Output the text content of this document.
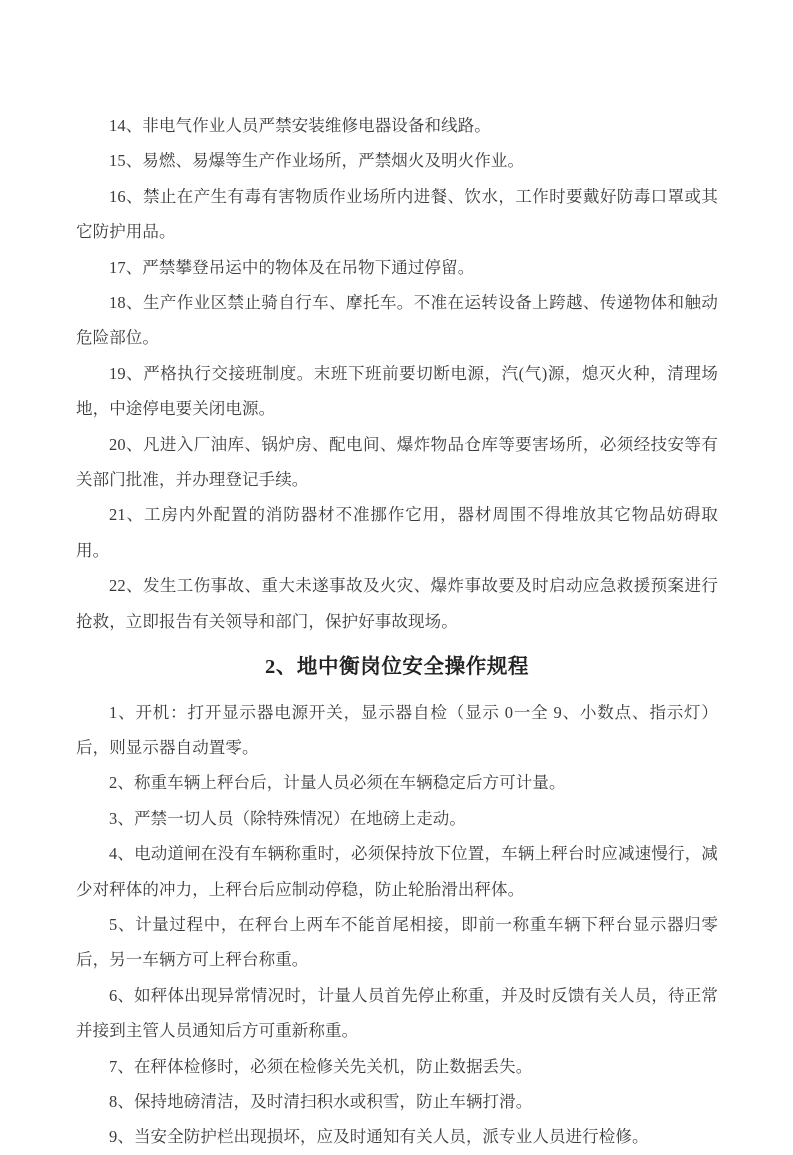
14、非电气作业人员严禁安装维修电器设备和线路。

15、易燃、易爆等生产作业场所，严禁烟火及明火作业。

16、禁止在产生有毒有害物质作业场所内进餐、饮水，工作时要戴好防毒口罩或其它防护用品。

17、严禁攀登吊运中的物体及在吊物下通过停留。

18、生产作业区禁止骑自行车、摩托车。不准在运转设备上跨越、传递物体和触动危险部位。

19、严格执行交接班制度。末班下班前要切断电源，汽(气)源，熄灭火种，清理场地，中途停电要关闭电源。

20、凡进入厂油库、锅炉房、配电间、爆炸物品仓库等要害场所，必须经技安等有关部门批准，并办理登记手续。

21、工房内外配置的消防器材不准挪作它用，器材周围不得堆放其它物品妨碍取用。

22、发生工伤事故、重大未遂事故及火灾、爆炸事故要及时启动应急救援预案进行抢救，立即报告有关领导和部门，保护好事故现场。

2、地中衡岗位安全操作规程

1、开机：打开显示器电源开关，显示器自检（显示 0一全 9、小数点、指示灯）后，则显示器自动置零。

2、称重车辆上秤台后，计量人员必须在车辆稳定后方可计量。

3、严禁一切人员（除特殊情况）在地磅上走动。

4、电动道闸在没有车辆称重时，必须保持放下位置，车辆上秤台时应减速慢行，减少对秤体的冲力，上秤台后应制动停稳，防止轮胎滑出秤体。

5、计量过程中，在秤台上两车不能首尾相接，即前一称重车辆下秤台显示器归零后，另一车辆方可上秤台称重。

6、如秤体出现异常情况时，计量人员首先停止称重，并及时反馈有关人员，待正常并接到主管人员通知后方可重新称重。

7、在秤体检修时，必须在检修关先关机，防止数据丢失。

8、保持地磅清洁，及时清扫积水或积雪，防止车辆打滑。

9、当安全防护栏出现损坏，应及时通知有关人员，派专业人员进行检修。
